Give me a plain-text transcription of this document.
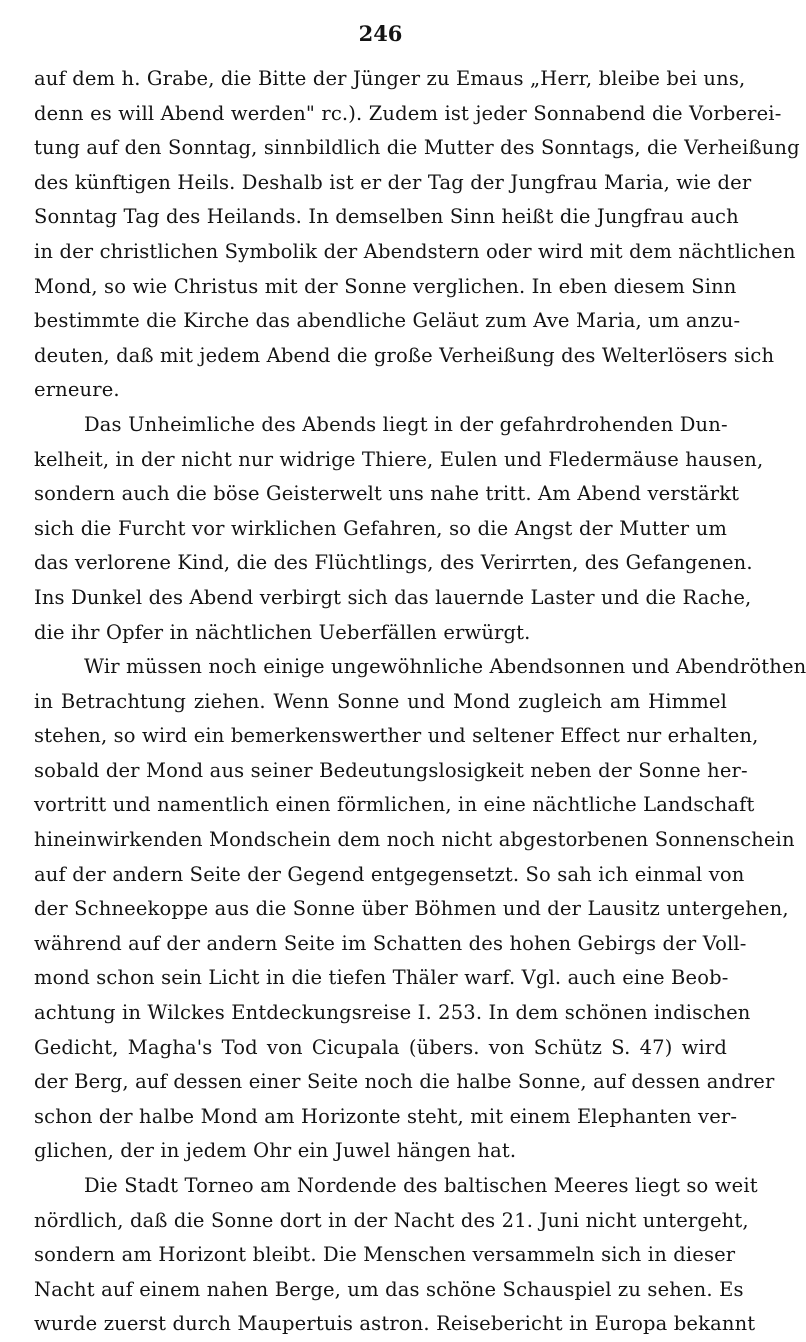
246
auf dem h. Grabe, die Bitte der Jünger zu Emaus „Herr, bleibe bei uns,
denn es will Abend werden" rc.). Zudem ist jeder Sonnabend die Vorberei-
tung auf den Sonntag, sinnbildlich die Mutter des Sonntags, die Verheißung
des künftigen Heils. Deshalb ist er der Tag der Jungfrau Maria, wie der
Sonntag Tag des Heilands. In demselben Sinn heißt die Jungfrau auch
in der christlichen Symbolik der Abendstern oder wird mit dem nächtlichen
Mond, so wie Christus mit der Sonne verglichen. In eben diesem Sinn
bestimmte die Kirche das abendliche Geläut zum Ave Maria, um anzu-
deuten, daß mit jedem Abend die große Verheißung des Welterlösers sich
erneure.
Das Unheimliche des Abends liegt in der gefahrdrohenden Dun-
kelheit, in der nicht nur widrige Thiere, Eulen und Fledermäuse hausen,
sondern auch die böse Geisterwelt uns nahe tritt. Am Abend verstärkt
sich die Furcht vor wirklichen Gefahren, so die Angst der Mutter um
das verlorene Kind, die des Flüchtlings, des Verirrten, des Gefangenen.
Ins Dunkel des Abend verbirgt sich das lauernde Laster und die Rache,
die ihr Opfer in nächtlichen Ueberfällen erwürgt.
Wir müssen noch einige ungewöhnliche Abendsonnen und Abendröthen
in Betrachtung ziehen. Wenn Sonne und Mond zugleich am Himmel
stehen, so wird ein bemerkenswerther und seltener Effect nur erhalten,
sobald der Mond aus seiner Bedeutungslosigkeit neben der Sonne her-
vortritt und namentlich einen förmlichen, in eine nächtliche Landschaft
hineinwirkenden Mondschein dem noch nicht abgestorbenen Sonnenschein
auf der andern Seite der Gegend entgegensetzt. So sah ich einmal von
der Schneekoppe aus die Sonne über Böhmen und der Lausitz untergehen,
während auf der andern Seite im Schatten des hohen Gebirgs der Voll-
mond schon sein Licht in die tiefen Thäler warf. Vgl. auch eine Beob-
achtung in Wilckes Entdeckungsreise I. 253. In dem schönen indischen
Gedicht, Magha's Tod von Cicupala (übers. von Schütz S. 47) wird
der Berg, auf dessen einer Seite noch die halbe Sonne, auf dessen andrer
schon der halbe Mond am Horizonte steht, mit einem Elephanten ver-
glichen, der in jedem Ohr ein Juwel hängen hat.
Die Stadt Torneo am Nordende des baltischen Meeres liegt so weit
nördlich, daß die Sonne dort in der Nacht des 21. Juni nicht untergeht,
sondern am Horizont bleibt. Die Menschen versammeln sich in dieser
Nacht auf einem nahen Berge, um das schöne Schauspiel zu sehen. Es
wurde zuerst durch Maupertuis astron. Reisebericht in Europa bekannt
